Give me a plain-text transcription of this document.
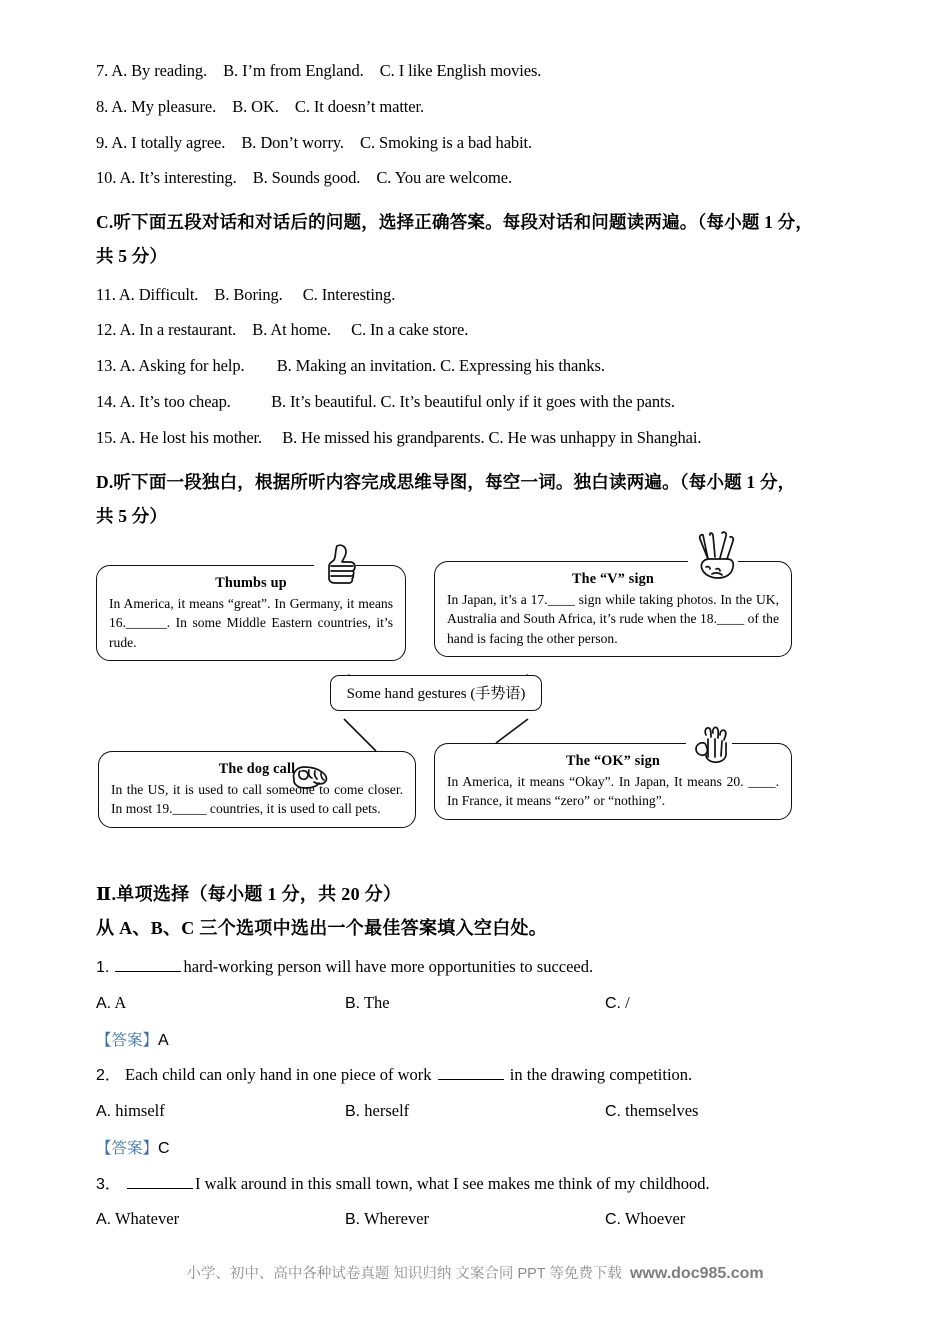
7. A. By reading.    B. I’m from England.    C. I like English movies.

8. A. My pleasure.    B. OK.    C. It doesn’t matter.

9. A. I totally agree.    B. Don’t worry.    C. Smoking is a bad habit.

10. A. It’s interesting.    B. Sounds good.    C. You are welcome.

C.听下面五段对话和对话后的问题，选择正确答案。每段对话和问题读两遍。（每小题 1 分，

共 5 分）

11. A. Difficult.    B. Boring.     C. Interesting.

12. A. In a restaurant.    B. At home.     C. In a cake store.

13. A. Asking for help.        B. Making an invitation. C. Expressing his thanks.

14. A. It’s too cheap.          B. It’s beautiful. C. It’s beautiful only if it goes with the pants.

15. A. He lost his mother.     B. He missed his grandparents. C. He was unhappy in Shanghai.

D.听下面一段独白，根据所听内容完成思维导图，每空一词。独白读两遍。（每小题 1 分，

共 5 分）

Thumbs up
In America, it means “great”. In Germany, it means 16.______. In some Middle Eastern countries, it’s rude.
The “V” sign
In Japan, it’s a 17.____ sign while taking photos. In the UK, Australia and South Africa, it’s rude when the 18.____ of the hand is facing the other person.
Some hand gestures (手势语)
The dog call
In the US, it is used to call someone to come closer. In most 19._____ countries, it is used to call pets.
The “OK” sign
In America, it means “Okay”. In Japan, It means 20. ____. In France, it means “zero” or “nothing”.

Ⅱ.单项选择（每小题 1 分，共 20 分）

从 A、B、C 三个选项中选出一个最佳答案填入空白处。

1.	hard-working person will have more opportunities to succeed.

A. A	B. The	C. /

【答案】A

2． Each child can only hand in one piece of work	in the drawing competition.

A. himself	B. herself	C. themselves

【答案】C

3．	I walk around in this small town, what I see makes me think of my childhood.

A. Whatever	B. Wherever	C. Whoever
小学、初中、高中各种试卷真题 知识归纳 文案合同 PPT 等免费下载  www.doc985.com
